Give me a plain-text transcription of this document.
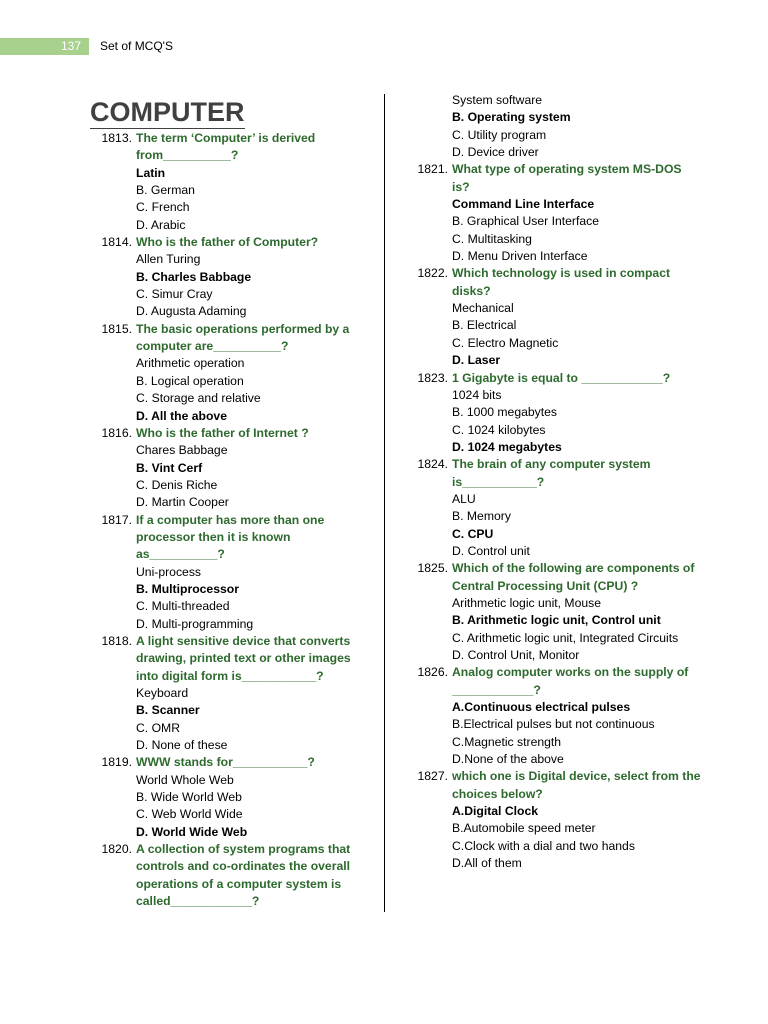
137	Set of MCQ'S
COMPUTER
1813. The term ‘Computer’ is derived from__________?
Latin
B. German
C. French
D. Arabic
1814. Who is the father of Computer?
Allen Turing
B. Charles Babbage
C. Simur Cray
D. Augusta Adaming
1815. The basic operations performed by a computer are__________?
Arithmetic operation
B. Logical operation
C. Storage and relative
D. All the above
1816. Who is the father of Internet ?
Chares Babbage
B. Vint Cerf
C. Denis Riche
D. Martin Cooper
1817. If a computer has more than one processor then it is known as__________?
Uni-process
B. Multiprocessor
C. Multi-threaded
D. Multi-programming
1818. A light sensitive device that converts drawing, printed text or other images into digital form is___________?
Keyboard
B. Scanner
C. OMR
D. None of these
1819. WWW stands for___________?
World Whole Web
B. Wide World Web
C. Web World Wide
D. World Wide Web
1820. A collection of system programs that controls and co-ordinates the overall operations of a computer system is called____________?
System software
B. Operating system
C. Utility program
D. Device driver
1821. What type of operating system MS-DOS is?
Command Line Interface
B. Graphical User Interface
C. Multitasking
D. Menu Driven Interface
1822. Which technology is used in compact disks?
Mechanical
B. Electrical
C. Electro Magnetic
D. Laser
1823. 1 Gigabyte is equal to ____________?
1024 bits
B. 1000 megabytes
C. 1024 kilobytes
D. 1024 megabytes
1824. The brain of any computer system is___________?
ALU
B. Memory
C. CPU
D. Control unit
1825. Which of the following are components of Central Processing Unit (CPU) ?
Arithmetic logic unit, Mouse
B. Arithmetic logic unit, Control unit
C. Arithmetic logic unit, Integrated Circuits
D. Control Unit, Monitor
1826. Analog computer works on the supply of ____________?
A.Continuous electrical pulses
B.Electrical pulses but not continuous
C.Magnetic strength
D.None of the above
1827. which one is Digital device, select from the choices below?
A.Digital Clock
B.Automobile speed meter
C.Clock with a dial and two hands
D.All of them
